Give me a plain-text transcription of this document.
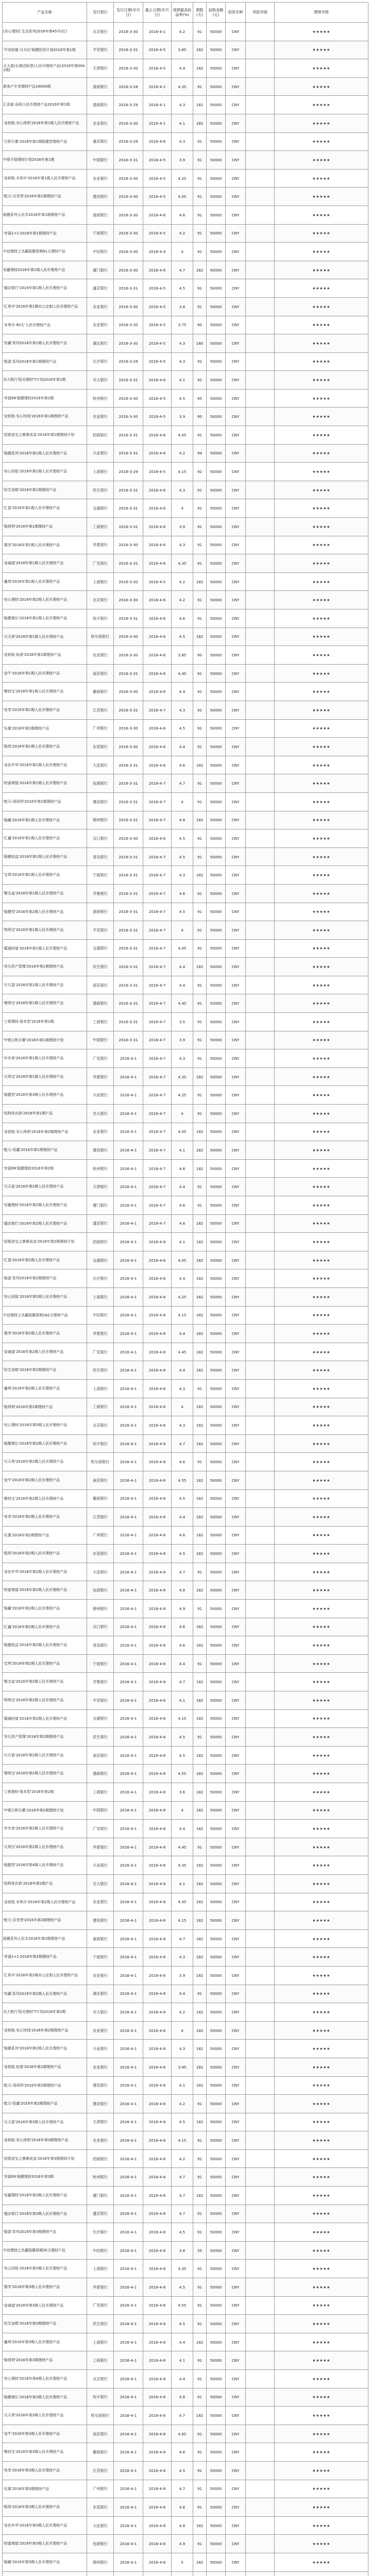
产品全称	发行银行	发行日期(年月日)	截止日期(年月日)	预期最高收益率(%)	期限(天)	起购金额(元)	投资币种	风险评级	理财评级
[安心理财] 生态系列2016年第45号(红)	北京银行	2016-3-30	2016-4-1	4.2	91	50000	CNY		★★★★★
'平安财富-月月红'稳健投资计划2016年第1期	平安银行	2016-3-31	2016-4-5	3.85	182	50000	CNY		★★★★★
天天盈(长期活跃型)人民币理财产品(2016年第0041期)	天津银行	2016-3-30	2016-4-5	4.4	182	50000	CNY		★★★★★
新客户专享理财产品16004期	浙商银行	2016-3-28	2016-4-1	4.35	91	50000	CNY		★★★★★
汇添富·添利人民币理财产品2016年第1期	渤海银行	2016-3-29	2016-4-1	4.3	181	50000	CNY		★★★★★
'金钥匙·安心得利'2016年第1期人民币理财产品	农业银行	2016-3-30	2016-4-1	4.1	182	50000	CNY		★★★★★
'日积月累'2016年第1期稳健型理财产品	重庆银行	2016-3-29	2016-4-6	4.3	91	50000	CNY		★★★★★
中银平稳理财计划2016年第1期	中国银行	2016-3-31	2016-4-5	3.9	91	50000	CNY		★★★★★
'金钥匙·本利丰'2016年第1期人民币理财产品	农业银行	2016-3-30	2016-4-5	4.25	91	50000	CNY		★★★★★
'乾元-共享型'2016年第1期理财产品	建设银行	2016-3-30	2016-4-5	4.05	91	50000	CNY		★★★★★
稳健系列人民币2016年第1期理财产品	浙商银行	2016-3-30	2016-4-6	4.6	91	50000	CNY		★★★★★
'幸福1+1'2016年第1期理财产品	宁波银行	2016-3-30	2016-4-5	4.2	91	50000	CNY		★★★★★
中信理财之共赢稳健周期91天理财产品	中信银行	2016-3-30	2016-4-4	4	91	50000	CNY		★★★★★
安赢理财2016年第1期人民币理财产品	厦门银行	2016-3-30	2016-4-6	4.7	182	50000	CNY		★★★★★
'盛京银行'2016年第1期人民币理财产品	盛京银行	2016-3-31	2016-4-5	4.5	91	50000	CNY		★★★★★
'汇利丰'2016年第1期对公定制人民币理财产品	农业银行	2016-3-30	2016-4-5	3.8	91	50000	CNY		★★★★★
'本利丰·90天'人民币理财产品	农业银行	2016-3-30	2016-4-5	3.75	90	50000	CNY		★★★★★
'安赢'系列2016年第1期人民币理财产品	湖北银行	2016-3-30	2016-4-5	4.3	180	50000	CNY		★★★★★
'稳盈'系列2016年第1期理财产品	长沙银行	2016-3-29	2016-4-5	4.3	92	50000	CNY		★★★★★
光大银行'阳光理财'T计划2016年第1期	光大银行	2016-3-31	2016-4-6	4.1	92	50000	CNY		★★★★★
'幸福99'稳健理财2016年第1期	杭州银行	2016-3-30	2016-4-5	4.5	95	50000	CNY		★★★★★
'金钥匙·安心快线'2016年第1期理财产品	农业银行	2016-3-30	2016-4-5	3.9	90	50000	CNY		★★★★★
'招银进宝之鼎鼎成金'2016年第1期理财计划	招商银行	2016-3-31	2016-4-6	4.05	91	50000	CNY		★★★★★
'稳健系列'2016年第1期人民币理财产品	兴业银行	2016-3-31	2016-4-6	4.2	94	50000	CNY		★★★★★
'安心回报'2016年第1期人民币理财产品	上海银行	2016-3-29	2016-4-5	4.15	92	50000	CNY		★★★★★
'民生加银'2016年第1期理财产品	民生银行	2016-3-31	2016-4-6	4.3	91	50000	CNY		★★★★★
'汇盈'2016年第1期人民币理财产品	交通银行	2016-3-31	2016-4-6	4	91	50000	CNY		★★★★★
'稳得利'2016年第1期理财产品	工商银行	2016-3-31	2016-4-6	3.9	91	50000	CNY		★★★★★
'惠享'2016年第1期人民币理财产品	华夏银行	2016-3-30	2016-4-6	4.3	91	50000	CNY		★★★★★
'金通道'2016年第1期人民币理财产品	广发银行	2016-3-31	2016-4-6	4.35	91	50000	CNY		★★★★★
'鑫利'2016年第1期人民币理财产品	上海银行	2016-3-30	2016-4-5	4.2	182	50000	CNY		★★★★★
'安心理财'2016年第2期人民币理财产品	北京银行	2016-3-30	2016-4-6	4.2	91	50000	CNY		★★★★★
'稳健增长'2016年第1期人民币理财产品	恒丰银行	2016-3-31	2016-4-6	4.6	91	50000	CNY		★★★★★
'天天利'2016年第1期人民币理财产品	哈尔滨银行	2016-3-30	2016-4-6	4.5	182	50000	CNY		★★★★★
'金钥匙·如意'2016年第1期理财产品	农业银行	2016-3-30	2016-4-6	3.85	90	50000	CNY		★★★★★
'金牛'2016年第1期人民币理财产品	南京银行	2016-3-31	2016-4-6	4.45	91	50000	CNY		★★★★★
'聚财宝'2016年第1期人民币理财产品	徽商银行	2016-3-30	2016-4-6	4.4	91	50000	CNY		★★★★★
'安享'2016年第1期人民币理财产品	江苏银行	2016-3-31	2016-4-7	4.3	91	50000	CNY		★★★★★
'乐惠'2016年第1期理财产品	广州银行	2016-3-30	2016-4-6	4.5	91	50000	CNY		★★★★★
'稳利'2016年第1期人民币理财产品	东莞银行	2016-3-30	2016-4-6	4.4	91	50000	CNY		★★★★★
'金色年华'2016年第1期人民币理财产品	大连银行	2016-3-31	2016-4-6	4.6	182	50000	CNY		★★★★★
'财富增值'2016年第1期人民币理财产品	包商银行	2016-3-31	2016-4-7	4.7	91	50000	CNY		★★★★★
'乾元-周周利'2016年第1期理财产品	建设银行	2016-3-31	2016-4-7	4	91	50000	CNY		★★★★★
'稳赢'2016年第1期人民币理财产品	锦州银行	2016-3-31	2016-4-7	4.8	182	50000	CNY		★★★★★
'汇鑫'2016年第1期人民币理财产品	汉口银行	2016-3-30	2016-4-6	4.5	91	50000	CNY		★★★★★
'稳健收益'2016年第1期人民币理财产品	青岛银行	2016-3-31	2016-4-7	4.5	91	50000	CNY		★★★★★
'宝利'2016年第1期人民币理财产品	宁波银行	2016-3-31	2016-4-7	4.3	182	50000	CNY		★★★★★
'聚宝盆'2016年第1期人民币理财产品	齐鲁银行	2016-3-31	2016-4-7	4.6	91	50000	CNY		★★★★★
'稳健型'2016年第2期人民币理财产品	浙商银行	2016-3-31	2016-4-7	4.5	91	50000	CNY		★★★★★
'得利宝'2016年第1期人民币理财产品	平安银行	2016-3-31	2016-4-7	4	91	50000	CNY		★★★★★
'蕴通财富'2016年第1期人民币理财产品	交通银行	2016-3-31	2016-4-7	4.05	91	50000	CNY		★★★★★
'非凡资产管理'2016年第1期理财产品	民生银行	2016-3-31	2016-4-7	4.4	182	50000	CNY		★★★★★
'月月盈'2016年第1期人民币理财产品	南京银行	2016-3-31	2016-4-7	4.4	91	50000	CNY		★★★★★
'增利宝'2016年第1期人民币理财产品	渤海银行	2016-3-31	2016-4-7	4.45	91	50000	CNY		★★★★★
'工银理财·保本型'2016年第1期	工商银行	2016-3-31	2016-4-7	3.5	91	50000	CNY		★★★★★
'中银日积月累'2016年第1期理财计划	中国银行	2016-3-31	2016-4-7	3.9	91	50000	CNY		★★★★★
'步步高'2016年第1期人民币理财产品	广发银行	2016-4-1	2016-4-7	4.3	91	50000	CNY		★★★★★
'天利宝'2016年第1期人民币理财产品	华夏银行	2016-4-1	2016-4-7	4.35	182	50000	CNY		★★★★★
'稳健型'2016年第3期人民币理财产品	兴业银行	2016-4-1	2016-4-7	4.25	91	50000	CNY		★★★★★
'结构性存款'2016年第1期产品	光大银行	2016-4-1	2016-4-7	4	91	50000	CNY		★★★★★
'金钥匙·安心得利'2016年第2期理财产品	农业银行	2016-4-1	2016-4-7	4.05	182	50000	CNY		★★★★★
'乾元-恒赢'2016年第1期理财产品	建设银行	2016-4-1	2016-4-7	4.1	182	50000	CNY		★★★★★
'幸福99'稳健理财2016年第2期	杭州银行	2016-4-1	2016-4-7	4.6	182	50000	CNY		★★★★★
'天天盈'2016年第2期人民币理财产品	天津银行	2016-4-1	2016-4-7	4.4	91	50000	CNY		★★★★★
'安赢理财'2016年第2期人民币理财产品	厦门银行	2016-4-1	2016-4-7	4.6	91	50000	CNY		★★★★★
'盛京银行'2016年第2期人民币理财产品	盛京银行	2016-4-1	2016-4-7	4.6	182	50000	CNY		★★★★★
'招银进宝之鼎鼎成金'2016年第2期理财计划	招商银行	2016-4-1	2016-4-8	4.1	182	50000	CNY		★★★★★
'汇盈'2016年第2期人民币理财产品	交通银行	2016-4-1	2016-4-8	4.05	182	50000	CNY		★★★★★
'稳盈'系列2016年第2期理财产品	长沙银行	2016-4-1	2016-4-8	4.4	182	50000	CNY		★★★★★
'安心回报'2016年第2期人民币理财产品	上海银行	2016-4-1	2016-4-8	4.25	182	50000	CNY		★★★★★
中信理财之共赢稳健周期182天理财产品	中信银行	2016-4-1	2016-4-8	4.15	182	50000	CNY		★★★★★
'惠享'2016年第2期人民币理财产品	华夏银行	2016-4-1	2016-4-8	4.4	182	50000	CNY		★★★★★
'金通道'2016年第2期人民币理财产品	广发银行	2016-4-1	2016-4-8	4.45	182	50000	CNY		★★★★★
'民生加银'2016年第2期理财产品	民生银行	2016-4-1	2016-4-8	4.4	182	50000	CNY		★★★★★
'鑫利'2016年第2期人民币理财产品	上海银行	2016-4-1	2016-4-8	4.3	91	50000	CNY		★★★★★
'稳得利'2016年第2期理财产品	工商银行	2016-4-1	2016-4-8	4	182	50000	CNY		★★★★★
'安心理财'2016年第3期人民币理财产品	北京银行	2016-4-1	2016-4-8	4.3	182	50000	CNY		★★★★★
'稳健增长'2016年第2期人民币理财产品	恒丰银行	2016-4-1	2016-4-8	4.7	182	50000	CNY		★★★★★
'天天利'2016年第2期人民币理财产品	哈尔滨银行	2016-4-1	2016-4-8	4.6	91	50000	CNY		★★★★★
'金牛'2016年第2期人民币理财产品	南京银行	2016-4-1	2016-4-8	4.55	182	50000	CNY		★★★★★
'聚财宝'2016年第2期人民币理财产品	徽商银行	2016-4-1	2016-4-8	4.5	182	50000	CNY		★★★★★
'安享'2016年第2期人民币理财产品	江苏银行	2016-4-1	2016-4-8	4.4	182	50000	CNY		★★★★★
'乐惠'2016年第2期理财产品	广州银行	2016-4-1	2016-4-8	4.6	182	50000	CNY		★★★★★
'稳利'2016年第2期人民币理财产品	东莞银行	2016-4-1	2016-4-8	4.5	182	50000	CNY		★★★★★
'金色年华'2016年第2期人民币理财产品	大连银行	2016-4-1	2016-4-8	4.7	91	50000	CNY		★★★★★
'财富增值'2016年第2期人民币理财产品	包商银行	2016-4-1	2016-4-8	4.8	182	50000	CNY		★★★★★
'稳赢'2016年第2期人民币理财产品	锦州银行	2016-4-1	2016-4-8	4.9	91	50000	CNY		★★★★★
'汇鑫'2016年第2期人民币理财产品	汉口银行	2016-4-1	2016-4-8	4.6	182	50000	CNY		★★★★★
'稳健收益'2016年第2期人民币理财产品	青岛银行	2016-4-1	2016-4-8	4.6	182	50000	CNY		★★★★★
'宝利'2016年第2期人民币理财产品	宁波银行	2016-4-1	2016-4-8	4.4	91	50000	CNY		★★★★★
'聚宝盆'2016年第2期人民币理财产品	齐鲁银行	2016-4-1	2016-4-8	4.7	182	50000	CNY		★★★★★
'得利宝'2016年第2期人民币理财产品	平安银行	2016-4-1	2016-4-8	4.1	182	50000	CNY		★★★★★
'蕴通财富'2016年第2期人民币理财产品	交通银行	2016-4-1	2016-4-8	4.15	182	50000	CNY		★★★★★
'非凡资产管理'2016年第2期理财产品	民生银行	2016-4-1	2016-4-8	4.5	91	50000	CNY		★★★★★
'月月盈'2016年第2期人民币理财产品	南京银行	2016-4-1	2016-4-8	4.5	182	50000	CNY		★★★★★
'增利宝'2016年第2期人民币理财产品	渤海银行	2016-4-1	2016-4-8	4.55	182	50000	CNY		★★★★★
'工银理财·保本型'2016年第2期	工商银行	2016-4-1	2016-4-8	3.6	182	50000	CNY		★★★★★
'中银日积月累'2016年第2期理财计划	中国银行	2016-4-1	2016-4-8	4	182	50000	CNY		★★★★★
'步步高'2016年第2期人民币理财产品	广发银行	2016-4-1	2016-4-8	4.4	182	50000	CNY		★★★★★
'天利宝'2016年第2期人民币理财产品	华夏银行	2016-4-1	2016-4-8	4.45	91	50000	CNY		★★★★★
'稳健型'2016年第4期人民币理财产品	兴业银行	2016-4-1	2016-4-8	4.35	182	50000	CNY		★★★★★
'结构性存款'2016年第2期产品	光大银行	2016-4-1	2016-4-8	4.1	182	50000	CNY		★★★★★
'金钥匙·本利丰'2016年第2期人民币理财产品	农业银行	2016-4-1	2016-4-8	4.35	182	50000	CNY		★★★★★
'乾元-共享型'2016年第2期理财产品	建设银行	2016-4-1	2016-4-8	4.15	182	50000	CNY		★★★★★
稳健系列人民币2016年第2期理财产品	浙商银行	2016-4-1	2016-4-8	4.7	182	50000	CNY		★★★★★
'幸福1+1'2016年第2期理财产品	宁波银行	2016-4-1	2016-4-8	4.3	182	50000	CNY		★★★★★
'汇利丰'2016年第2期对公定制人民币理财产品	农业银行	2016-4-1	2016-4-8	3.9	182	50000	CNY		★★★★★
'安赢'系列2016年第2期人民币理财产品	湖北银行	2016-4-1	2016-4-8	4.4	91	50000	CNY		★★★★★
光大银行'阳光理财'T计划2016年第2期	光大银行	2016-4-1	2016-4-8	4.2	182	50000	CNY		★★★★★
'金钥匙·安心快线'2016年第2期理财产品	农业银行	2016-4-1	2016-4-8	4	182	50000	CNY		★★★★★
'稳健系列'2016年第2期人民币理财产品	兴业银行	2016-4-1	2016-4-8	4.3	182	50000	CNY		★★★★★
'金钥匙·如意'2016年第2期理财产品	农业银行	2016-4-1	2016-4-8	3.95	182	50000	CNY		★★★★★
'乾元-周周利'2016年第2期理财产品	建设银行	2016-4-1	2016-4-8	4.1	182	50000	CNY		★★★★★
'乾元-恒赢'2016年第2期理财产品	建设银行	2016-4-1	2016-4-8	4.2	91	50000	CNY		★★★★★
'天天盈'2016年第3期人民币理财产品	天津银行	2016-4-1	2016-4-8	4.5	182	50000	CNY		★★★★★
'金钥匙·安心得利'2016年第3期理财产品	农业银行	2016-4-1	2016-4-8	4.15	91	50000	CNY		★★★★★
'招银进宝之鼎鼎成金'2016年第3期理财计划	招商银行	2016-4-1	2016-4-8	4.2	91	50000	CNY		★★★★★
'幸福99'稳健理财2016年第3期	杭州银行	2016-4-1	2016-4-8	4.7	91	50000	CNY		★★★★★
'安赢理财'2016年第3期人民币理财产品	厦门银行	2016-4-1	2016-4-8	4.7	182	50000	CNY		★★★★★
'盛京银行'2016年第3期人民币理财产品	盛京银行	2016-4-1	2016-4-8	4.7	91	50000	CNY		★★★★★
'稳盈'系列2016年第3期理财产品	长沙银行	2016-4-1	2016-4-8	4.5	91	50000	CNY		★★★★★
中信理财之共赢稳健周期35天理财产品	中信银行	2016-4-1	2016-4-8	3.8	35	50000	CNY		★★★★★
'安心回报'2016年第3期人民币理财产品	上海银行	2016-4-1	2016-4-8	4.35	91	50000	CNY		★★★★★
'惠享'2016年第3期人民币理财产品	华夏银行	2016-4-1	2016-4-8	4.5	91	50000	CNY		★★★★★
'金通道'2016年第3期人民币理财产品	广发银行	2016-4-1	2016-4-8	4.55	91	50000	CNY		★★★★★
'民生加银'2016年第3期理财产品	民生银行	2016-4-1	2016-4-8	4.5	91	50000	CNY		★★★★★
'鑫利'2016年第3期人民币理财产品	上海银行	2016-4-1	2016-4-8	4.4	182	50000	CNY		★★★★★
'稳得利'2016年第3期理财产品	工商银行	2016-4-1	2016-4-8	4.1	91	50000	CNY		★★★★★
'安心理财'2016年第4期人民币理财产品	北京银行	2016-4-1	2016-4-8	4.4	91	50000	CNY		★★★★★
'稳健增长'2016年第3期人民币理财产品	恒丰银行	2016-4-1	2016-4-8	4.8	91	50000	CNY		★★★★★
'天天利'2016年第3期人民币理财产品	哈尔滨银行	2016-4-1	2016-4-8	4.7	182	50000	CNY		★★★★★
'金牛'2016年第3期人民币理财产品	南京银行	2016-4-1	2016-4-8	4.65	91	50000	CNY		★★★★★
'聚财宝'2016年第3期人民币理财产品	徽商银行	2016-4-1	2016-4-8	4.6	91	50000	CNY		★★★★★
'安享'2016年第3期人民币理财产品	江苏银行	2016-4-1	2016-4-8	4.5	91	50000	CNY		★★★★★
'乐惠'2016年第3期理财产品	广州银行	2016-4-1	2016-4-8	4.7	91	50000	CNY		★★★★★
'稳利'2016年第3期人民币理财产品	东莞银行	2016-4-1	2016-4-8	4.6	91	50000	CNY		★★★★★
'金色年华'2016年第3期人民币理财产品	大连银行	2016-4-1	2016-4-8	4.8	182	50000	CNY		★★★★★
'财富增值'2016年第3期人民币理财产品	包商银行	2016-4-1	2016-4-8	4.9	91	50000	CNY		★★★★★
'稳赢'2016年第3期人民币理财产品	锦州银行	2016-4-1	2016-4-8	5	182	50000	CNY		★★★★★
